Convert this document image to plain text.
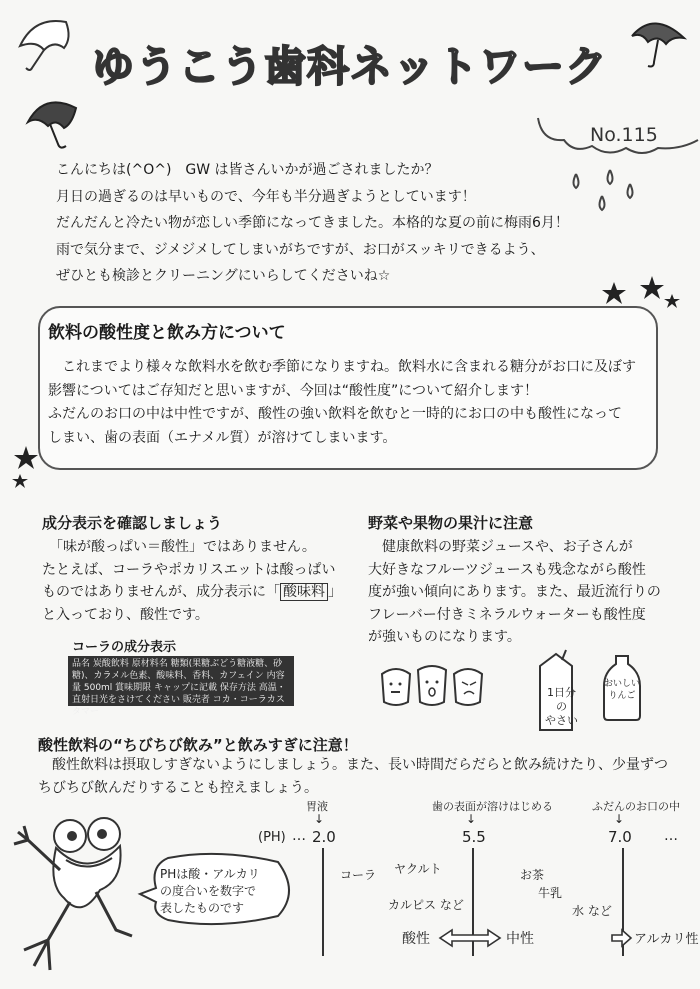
ゆうこう歯科ネットワーク
No.115
こんにちは(^O^)　GW は皆さんいかが過ごされましたか？
月日の過ぎるのは早いもので、今年も半分過ぎようとしています！
だんだんと冷たい物が恋しい季節になってきました。本格的な夏の前に梅雨6月！
雨で気分まで、ジメジメしてしまいがちですが、お口がスッキリできるよう、
ぜひとも検診とクリーニングにいらしてくださいね☆
飲料の酸性度と飲み方について
　これまでより様々な飲料水を飲む季節になりますね。飲料水に含まれる糖分がお口に及ぼす
影響についてはご存知だと思いますが、今回は“酸性度”について紹介します！
ふだんのお口の中は中性ですが、酸性の強い飲料を飲むと一時的にお口の中も酸性になって
しまい、歯の表面（エナメル質）が溶けてしまいます。
成分表示を確認しましょう
　「味が酸っぱい＝酸性」ではありません。
たとえば、コーラやポカリスエットは酸っぱい
ものではありませんが、成分表示に「 酸味料 」
と入っており、酸性です。
コーラの成分表示
品名 炭酸飲料 原材料名 糖類(果糖ぶどう糖液糖、砂糖)、カラメル色素、酸味料、香料、カフェイン 内容量 500ml 賞味期限 キャップに記載 保存方法 高温・直射日光をさけてください 販売者 コカ・コーラカスタマー
野菜や果物の果汁に注意
　健康飲料の野菜ジュースや、お子さんが
大好きなフルーツジュースも残念ながら酸性
度が強い傾向にあります。また、最近流行りの
フレーバー付きミネラルウォーターも酸性度
が強いものになります。
1日分
の
やさい
おいしい
りんご
酸性飲料の“ちびちび飲み”と飲みすぎに注意！
　酸性飲料は摂取しすぎないようにしましょう。また、長い時間だらだらと飲み続けたり、少量ずつ
ちびちび飲んだりすることも控えましょう。
PHは酸・アルカリ
の度合いを数字で
表したものです
(PH) …	…
胃液
↓
2.0
歯の表面が溶けはじめる
↓
5.5
ふだんのお口の中
↓
7.0
コーラ ヤクルト
カルピス など
お茶
牛乳
水 など
酸性	中性	アルカリ性
